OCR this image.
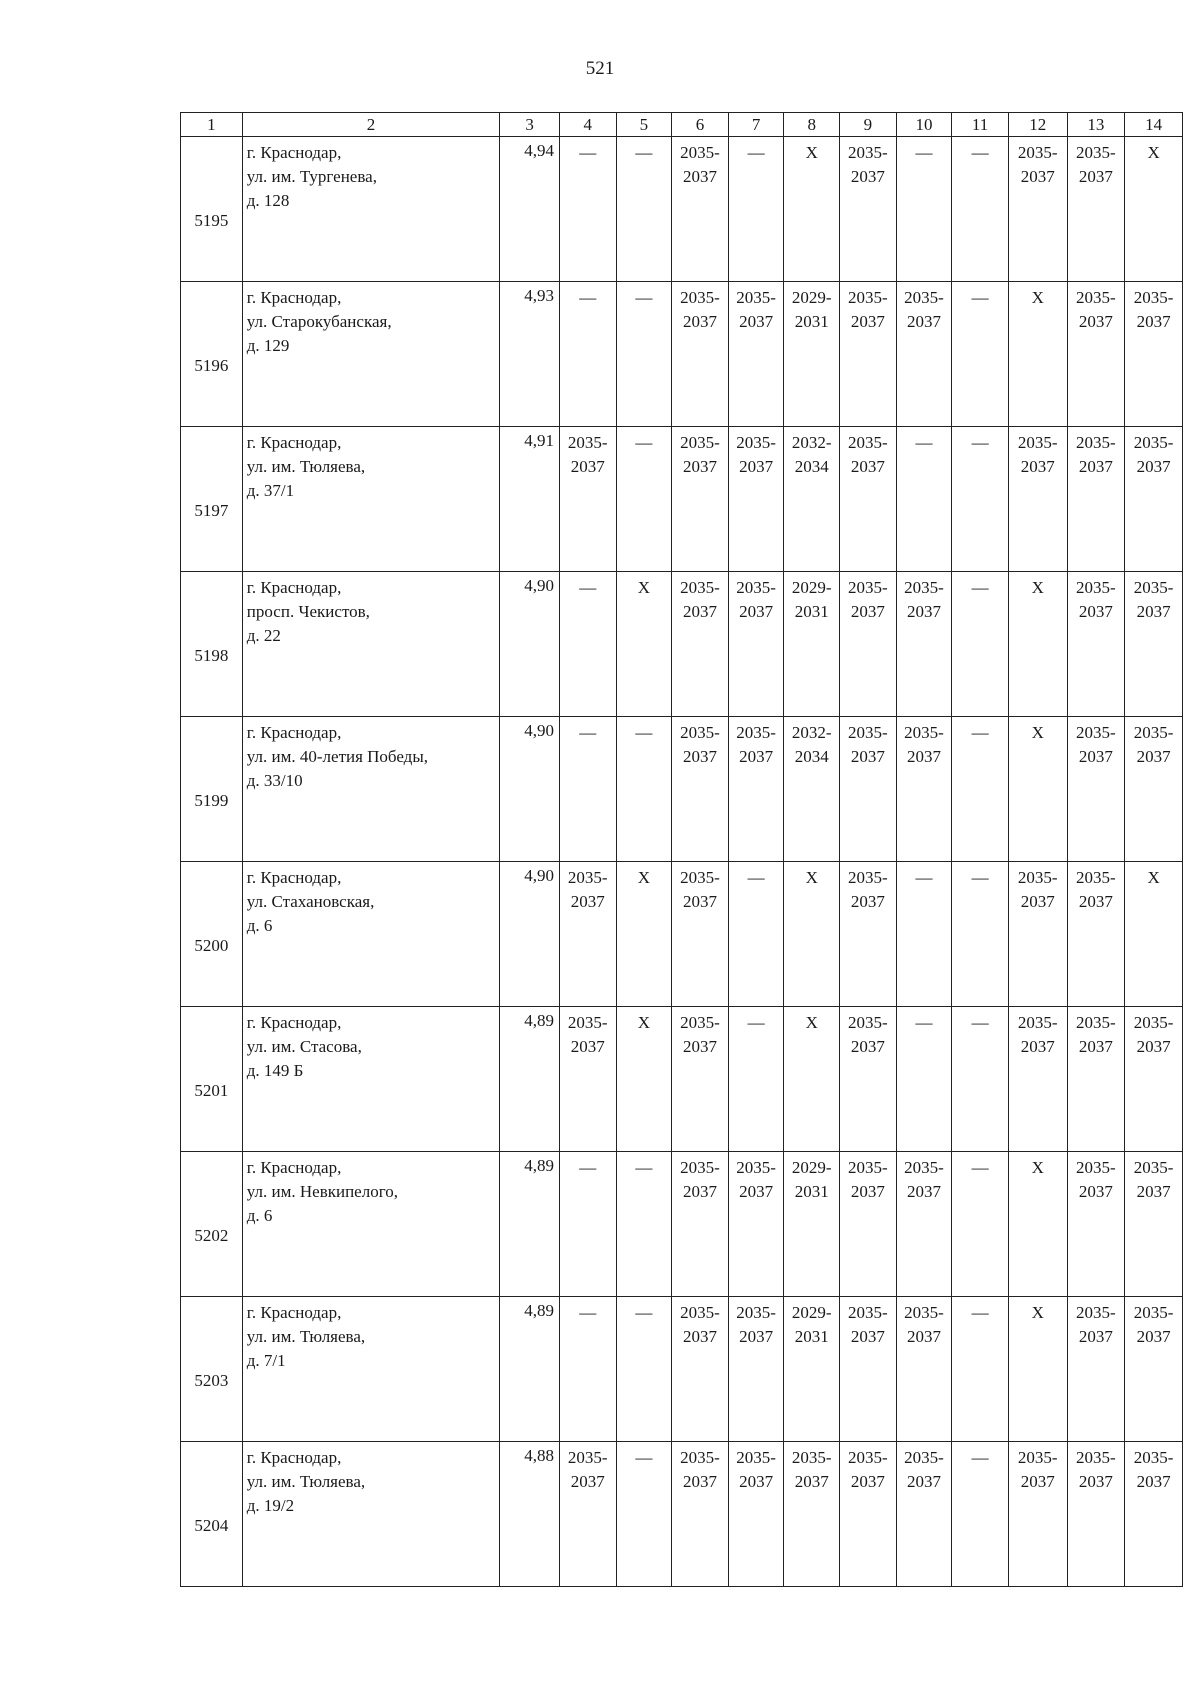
521
1	2	3	4	5	6	7	8	9	10	11	12	13	14
5195	г. Краснодар,
ул. им. Тургенева,
д. 128	4,94	—	—	2035-
2037	—	Х	2035-
2037	—	—	2035-
2037	2035-
2037	Х
5196	г. Краснодар,
ул. Старокубанская,
д. 129	4,93	—	—	2035-
2037	2035-
2037	2029-
2031	2035-
2037	2035-
2037	—	Х	2035-
2037	2035-
2037
5197	г. Краснодар,
ул. им. Тюляева,
д. 37/1	4,91	2035-
2037	—	2035-
2037	2035-
2037	2032-
2034	2035-
2037	—	—	2035-
2037	2035-
2037	2035-
2037
5198	г. Краснодар,
просп. Чекистов,
д. 22	4,90	—	Х	2035-
2037	2035-
2037	2029-
2031	2035-
2037	2035-
2037	—	Х	2035-
2037	2035-
2037
5199	г. Краснодар,
ул. им. 40-летия Победы,
д. 33/10	4,90	—	—	2035-
2037	2035-
2037	2032-
2034	2035-
2037	2035-
2037	—	Х	2035-
2037	2035-
2037
5200	г. Краснодар,
ул. Стахановская,
д. 6	4,90	2035-
2037	Х	2035-
2037	—	Х	2035-
2037	—	—	2035-
2037	2035-
2037	Х
5201	г. Краснодар,
ул. им. Стасова,
д. 149 Б	4,89	2035-
2037	Х	2035-
2037	—	Х	2035-
2037	—	—	2035-
2037	2035-
2037	2035-
2037
5202	г. Краснодар,
ул. им. Невкипелого,
д. 6	4,89	—	—	2035-
2037	2035-
2037	2029-
2031	2035-
2037	2035-
2037	—	Х	2035-
2037	2035-
2037
5203	г. Краснодар,
ул. им. Тюляева,
д. 7/1	4,89	—	—	2035-
2037	2035-
2037	2029-
2031	2035-
2037	2035-
2037	—	Х	2035-
2037	2035-
2037
5204	г. Краснодар,
ул. им. Тюляева,
д. 19/2	4,88	2035-
2037	—	2035-
2037	2035-
2037	2035-
2037	2035-
2037	2035-
2037	—	2035-
2037	2035-
2037	2035-
2037
